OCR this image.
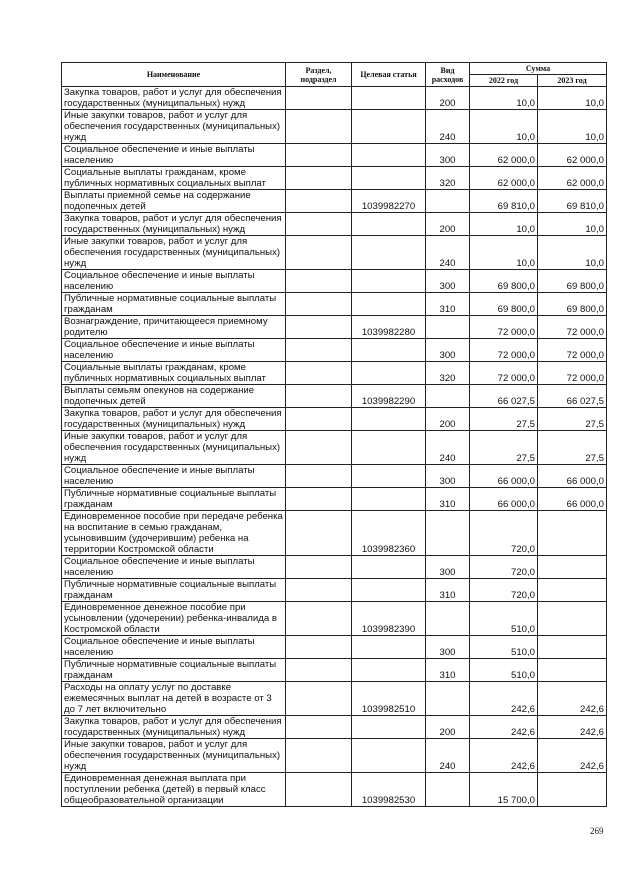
Наименование	Раздел, подраздел	Целевая статья	Вид расходов	Сумма	
				2022 год	2023 год
Закупка товаров, работ и услуг для обеспечения государственных (муниципальных) нужд			200	10,0	10,0
Иные закупки товаров, работ и услуг для обеспечения государственных (муниципальных) нужд			240	10,0	10,0
Социальное обеспечение и иные выплаты населению			300	62 000,0	62 000,0
Социальные выплаты гражданам, кроме публичных нормативных социальных выплат			320	62 000,0	62 000,0
Выплаты приемной семье на содержание подопечных детей		1039982270		69 810,0	69 810,0
Закупка товаров, работ и услуг для обеспечения государственных (муниципальных) нужд			200	10,0	10,0
Иные закупки товаров, работ и услуг для обеспечения государственных (муниципальных) нужд			240	10,0	10,0
Социальное обеспечение и иные выплаты населению			300	69 800,0	69 800,0
Публичные нормативные социальные выплаты гражданам			310	69 800,0	69 800,0
Вознаграждение, причитающееся приемному родителю		1039982280		72 000,0	72 000,0
Социальное обеспечение и иные выплаты населению			300	72 000,0	72 000,0
Социальные выплаты гражданам, кроме публичных нормативных социальных выплат			320	72 000,0	72 000,0
Выплаты семьям опекунов на содержание подопечных детей		1039982290		66 027,5	66 027,5
Закупка товаров, работ и услуг для обеспечения государственных (муниципальных) нужд			200	27,5	27,5
Иные закупки товаров, работ и услуг для обеспечения государственных (муниципальных) нужд			240	27,5	27,5
Социальное обеспечение и иные выплаты населению			300	66 000,0	66 000,0
Публичные нормативные социальные выплаты гражданам			310	66 000,0	66 000,0
Единовременное пособие при передаче ребенка на воспитание в семью гражданам, усыновившим (удочерившим) ребенка на территории Костромской области		1039982360		720,0	
Социальное обеспечение и иные выплаты населению			300	720,0	
Публичные нормативные социальные выплаты гражданам			310	720,0	
Единовременное денежное пособие при усыновлении (удочерении) ребенка-инвалида в Костромской области		1039982390		510,0	
Социальное обеспечение и иные выплаты населению			300	510,0	
Публичные нормативные социальные выплаты гражданам			310	510,0	
Расходы на оплату услуг по доставке ежемесячных выплат на детей в возрасте от 3 до 7 лет включительно		1039982510		242,6	242,6
Закупка товаров, работ и услуг для обеспечения государственных (муниципальных) нужд			200	242,6	242,6
Иные закупки товаров, работ и услуг для обеспечения государственных (муниципальных) нужд			240	242,6	242,6
Единовременная денежная выплата при поступлении ребенка (детей) в первый класс общеобразовательной организации		1039982530		15 700,0	
269
